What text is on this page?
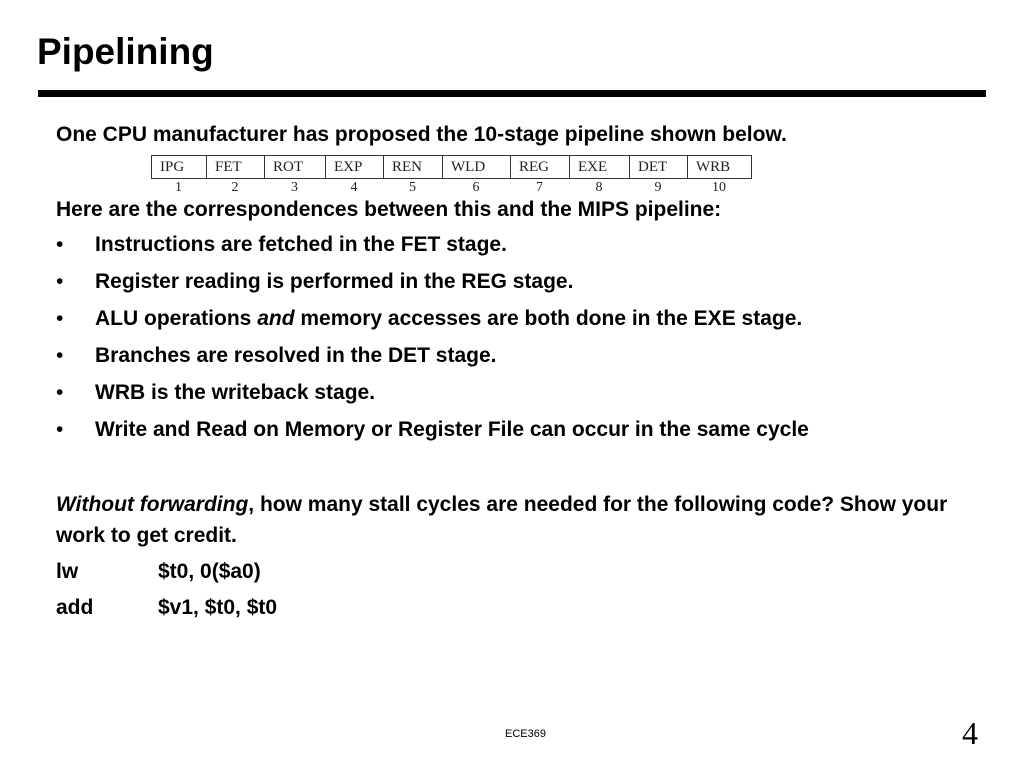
Pipelining

One CPU manufacturer has proposed the 10-stage pipeline shown below.

IPG	FET	ROT	EXP	REN	WLD	REG	EXE	DET	WRB
1	2	3	4	5	6	7	8	9	10

Here are the correspondences between this and the MIPS pipeline:

• Instructions are fetched in the FET stage.
• Register reading is performed in the REG stage.
• ALU operations and memory accesses are both done in the EXE stage.
• Branches are resolved in the DET stage.
• WRB is the writeback stage.
• Write and Read on Memory or Register File can occur in the same cycle

Without forwarding, how many stall cycles are needed for the following code? Show your work to get credit.

lw	$t0, 0($a0)
add	$v1, $t0, $t0
ECE369	4
